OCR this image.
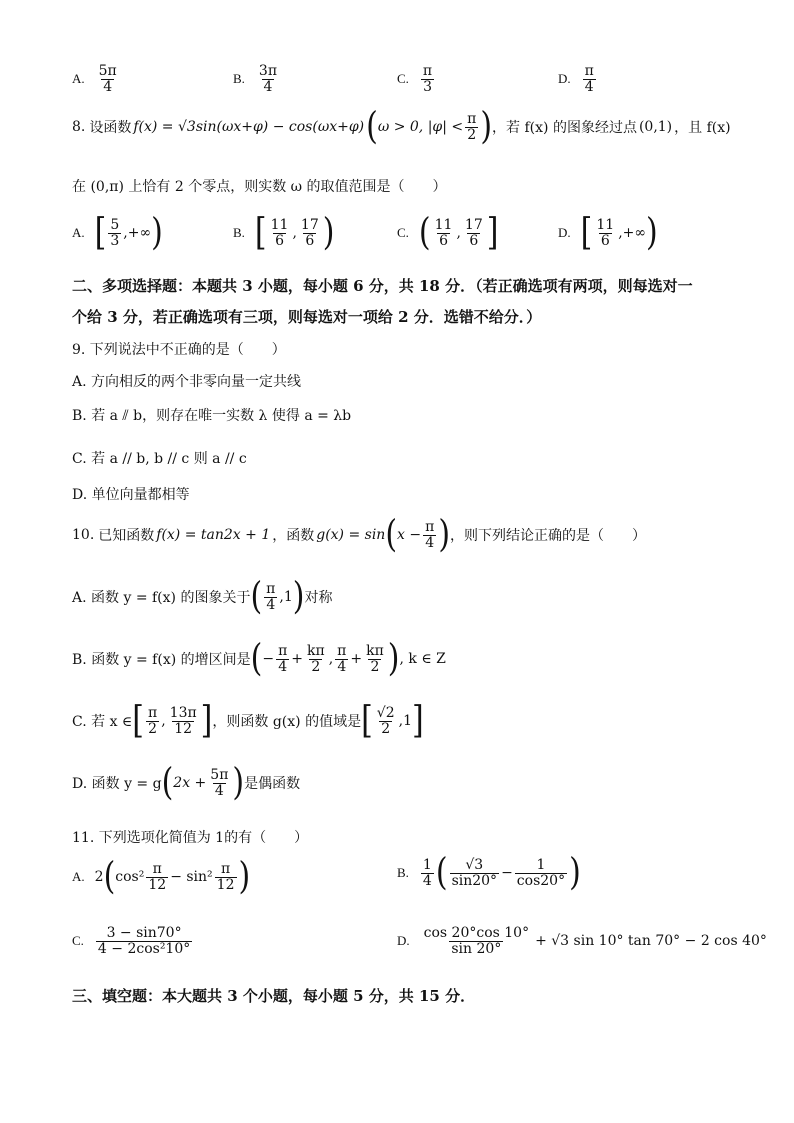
A. $\frac{5\pi}{4}$	B. $\frac{3\pi}{4}$	C. $\frac{\pi}{3}$	D. $\frac{\pi}{4}$
8. 设函数 f(x) = √3sin(ωx+φ) − cos(ωx+φ) ( ω > 0, $|\varphi| < \frac{\pi}{2}$ ) ，若 f(x) 的图象经过点 (0,1) ，且 f(x)
在 (0,π) 上恰有 2 个零点，则实数 ω 的取值范围是（　　）
A. [ $\frac{5}{3}$ ,+∞ )	B. [ $\frac{11}{6}$ , $\frac{17}{6}$ )	C. ( $\frac{11}{6}$ , $\frac{17}{6}$ ]	D. [ $\frac{11}{6}$ ,+∞ )
二、多项选择题：本题共 3 小题，每小题 6 分，共 18 分．（若正确选项有两项，则每选对一
个给 3 分，若正确选项有三项，则每选对一项给 2 分．选错不给分．）
9. 下列说法中不正确的是（　　）
A. 方向相反的两个非零向量一定共线
B. 若 a ⫽ b，则存在唯一实数 λ 使得 a = λb
C. 若 a // b, b // c 则 a // c
D. 单位向量都相等
10. 已知函数 f(x) = tan2x + 1 ，函数 g(x) = sin ( $x - \frac{\pi}{4}$ ) ，则下列结论正确的是（　　）
A. 函数 y = f(x) 的图象关于 ( $\frac{\pi}{4} ,1$ ) 对称
B. 函数 y = f(x) 的增区间是 ( − $\frac{\pi}{4} + \frac{k\pi}{2}$ , $\frac{\pi}{4} + \frac{k\pi}{2}$ ) , k ∈ Z
C. 若 x ∈ [ $\frac{\pi}{2}$ , $\frac{13\pi}{12}$ ] ，则函数 g(x) 的值域是 [ $\frac{√2}{2} ,1$ ]
D. 函数 y = g ( $2x + \frac{5\pi}{4}$ ) 是偶函数
11. 下列选项化简值为 1的有（　　）
A. 2 ( $\cos^2 \frac{\pi}{12} - \sin^2 \frac{\pi}{12}$ )	B. $\frac{1}{4}$ ( $\frac{√3}{\sin 20^\circ} - \frac{1}{\cos 20^\circ}$ )
C. $\frac{3 - \sin 70^\circ}{\text{4 − 2cos²10°}}$	D. $\frac{\cos 20^\circ\cos 10^\circ}{\sin 20^\circ} + √3$ sin 10° tan 70° − 2 cos 40°
三、填空题：本大题共 3 个小题，每小题 5 分，共 15 分．
